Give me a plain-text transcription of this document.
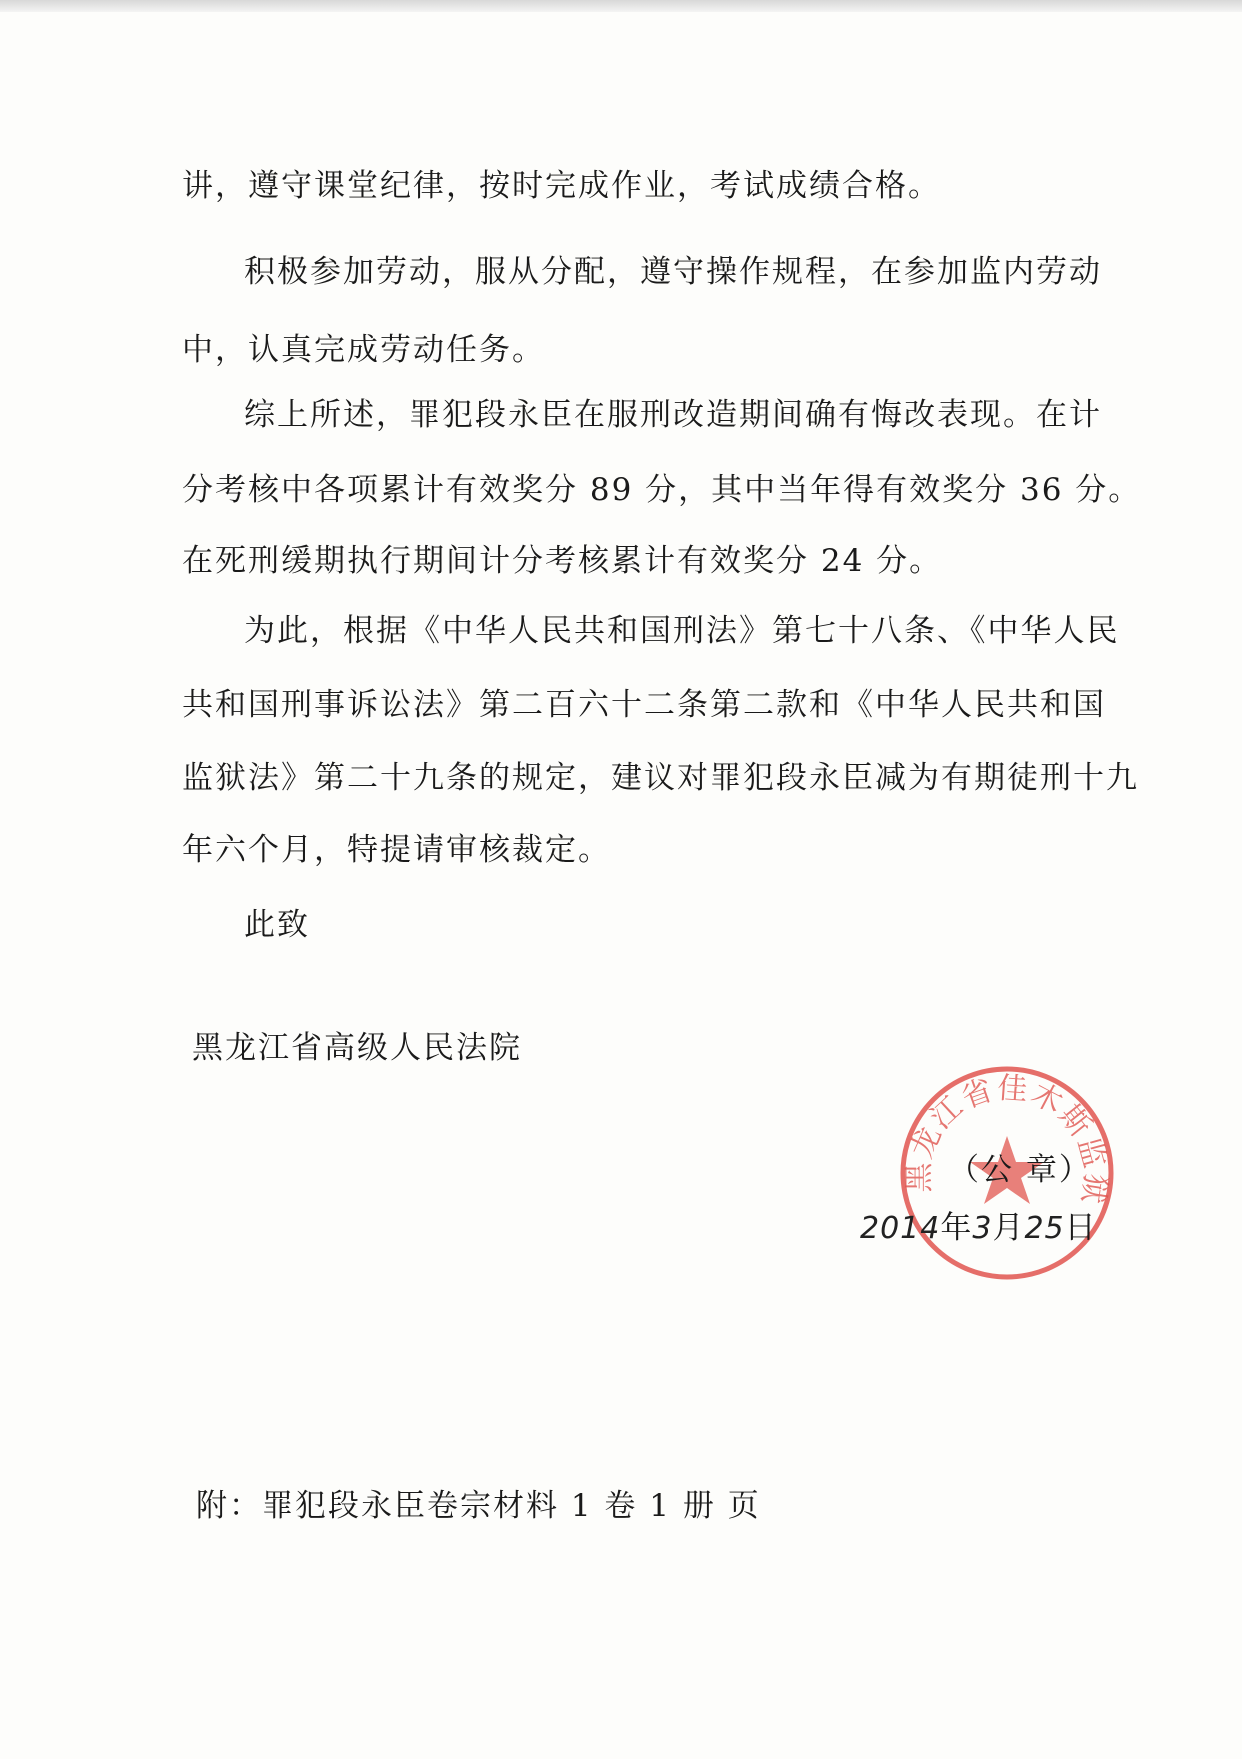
讲，遵守课堂纪律，按时完成作业，考试成绩合格。
积极参加劳动，服从分配，遵守操作规程，在参加监内劳动
中，认真完成劳动任务。
综上所述，罪犯段永臣在服刑改造期间确有悔改表现。在计
分考核中各项累计有效奖分 89 分，其中当年得有效奖分 36 分。
在死刑缓期执行期间计分考核累计有效奖分 24 分。
为此，根据《中华人民共和国刑法》第七十八条、《中华人民
共和国刑事诉讼法》第二百六十二条第二款和《中华人民共和国
监狱法》第二十九条的规定，建议对罪犯段永臣减为有期徒刑十九
年六个月，特提请审核裁定。
此致
黑龙江省高级人民法院
黑龙江省佳木斯监狱
（公 章）
2014年3月25日
附：罪犯段永臣卷宗材料 1 卷 1 册 页
